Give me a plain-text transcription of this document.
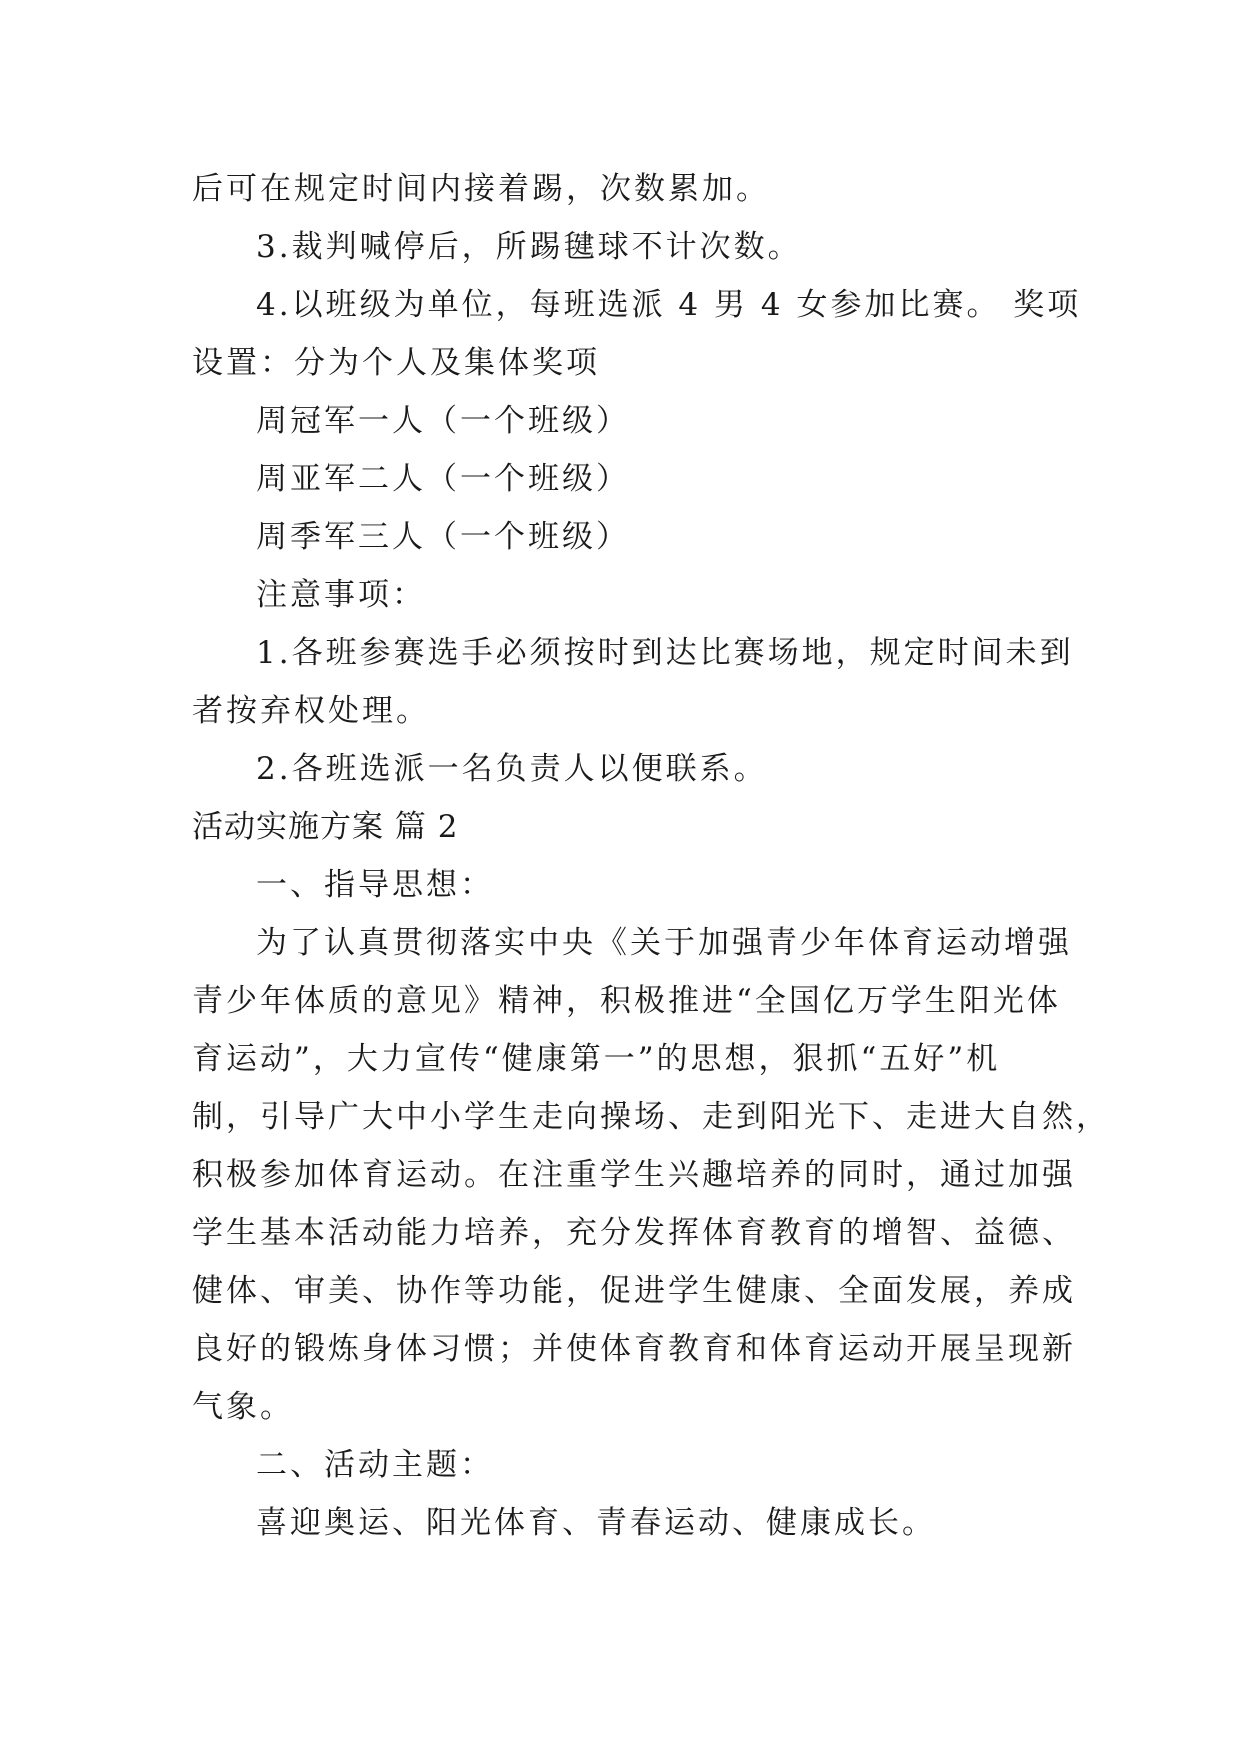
后可在规定时间内接着踢，次数累加。
3.裁判喊停后，所踢毽球不计次数。
4.以班级为单位，每班选派 4 男 4 女参加比赛。 奖项
设置：分为个人及集体奖项
周冠军一人（一个班级）
周亚军二人（一个班级）
周季军三人（一个班级）
注意事项：
1.各班参赛选手必须按时到达比赛场地，规定时间未到
者按弃权处理。
2.各班选派一名负责人以便联系。
活动实施方案 篇 2
一、指导思想：
为了认真贯彻落实中央《关于加强青少年体育运动增强
青少年体质的意见》精神，积极推进“全国亿万学生阳光体
育运动”，大力宣传“健康第一”的思想，狠抓“五好”机
制，引导广大中小学生走向操场、走到阳光下、走进大自然，
积极参加体育运动。在注重学生兴趣培养的同时，通过加强
学生基本活动能力培养，充分发挥体育教育的增智、益德、
健体、审美、协作等功能，促进学生健康、全面发展，养成
良好的锻炼身体习惯；并使体育教育和体育运动开展呈现新
气象。
二、活动主题：
喜迎奥运、阳光体育、青春运动、健康成长。
